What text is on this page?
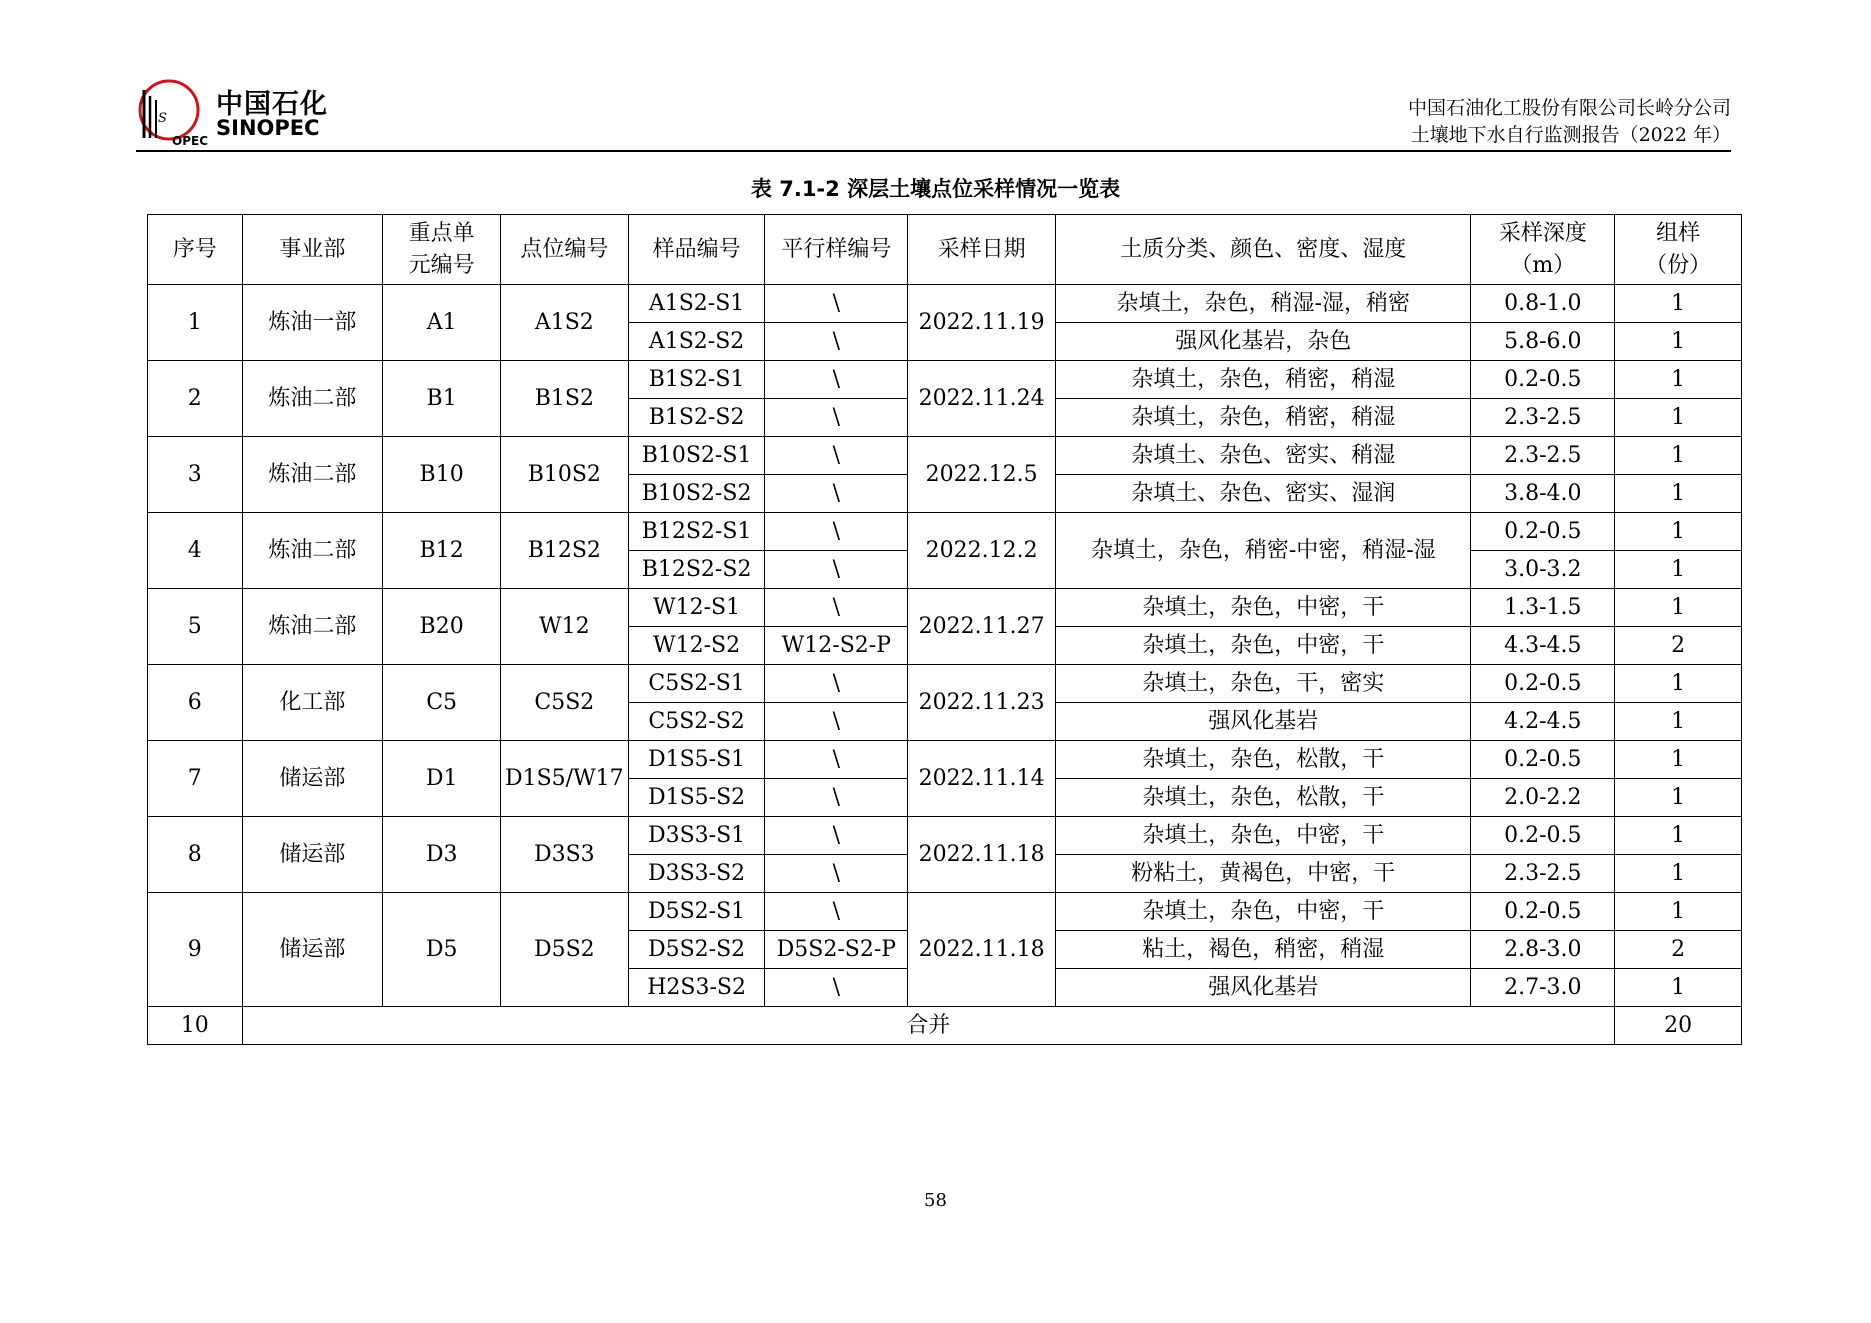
S
OPEC
中国石化
SINOPEC
中国石油化工股份有限公司长岭分公司
土壤地下水自行监测报告（2022 年）
表 7.1-2 深层土壤点位采样情况一览表
序号	事业部	重点单元编号	点位编号	样品编号	平行样编号	采样日期	土质分类、颜色、密度、湿度	采样深度（m）	组样（份）
1	炼油一部	A1	A1S2	A1S2-S1	\	2022.11.19	杂填土，杂色，稍湿-湿，稍密	0.8-1.0	1
				A1S2-S2	\		强风化基岩，杂色	5.8-6.0	1
2	炼油二部	B1	B1S2	B1S2-S1	\	2022.11.24	杂填土，杂色，稍密，稍湿	0.2-0.5	1
				B1S2-S2	\		杂填土，杂色，稍密，稍湿	2.3-2.5	1
3	炼油二部	B10	B10S2	B10S2-S1	\	2022.12.5	杂填土、杂色、密实、稍湿	2.3-2.5	1
				B10S2-S2	\		杂填土、杂色、密实、湿润	3.8-4.0	1
4	炼油二部	B12	B12S2	B12S2-S1	\	2022.12.2	杂填土，杂色，稍密-中密，稍湿-湿	0.2-0.5	1
				B12S2-S2	\			3.0-3.2	1
5	炼油二部	B20	W12	W12-S1	\	2022.11.27	杂填土，杂色，中密，干	1.3-1.5	1
				W12-S2	W12-S2-P		杂填土，杂色，中密，干	4.3-4.5	2
6	化工部	C5	C5S2	C5S2-S1	\	2022.11.23	杂填土，杂色，干，密实	0.2-0.5	1
				C5S2-S2	\		强风化基岩	4.2-4.5	1
7	储运部	D1	D1S5/W17	D1S5-S1	\	2022.11.14	杂填土，杂色，松散，干	0.2-0.5	1
				D1S5-S2	\		杂填土，杂色，松散，干	2.0-2.2	1
8	储运部	D3	D3S3	D3S3-S1	\	2022.11.18	杂填土，杂色，中密，干	0.2-0.5	1
				D3S3-S2	\		粉粘土，黄褐色，中密，干	2.3-2.5	1
9	储运部	D5	D5S2	D5S2-S1	\	2022.11.18	杂填土，杂色，中密，干	0.2-0.5	1
				D5S2-S2	D5S2-S2-P		粘土，褐色，稍密，稍湿	2.8-3.0	2
				H2S3-S2	\		强风化基岩	2.7-3.0	1
10	合并								20
58
